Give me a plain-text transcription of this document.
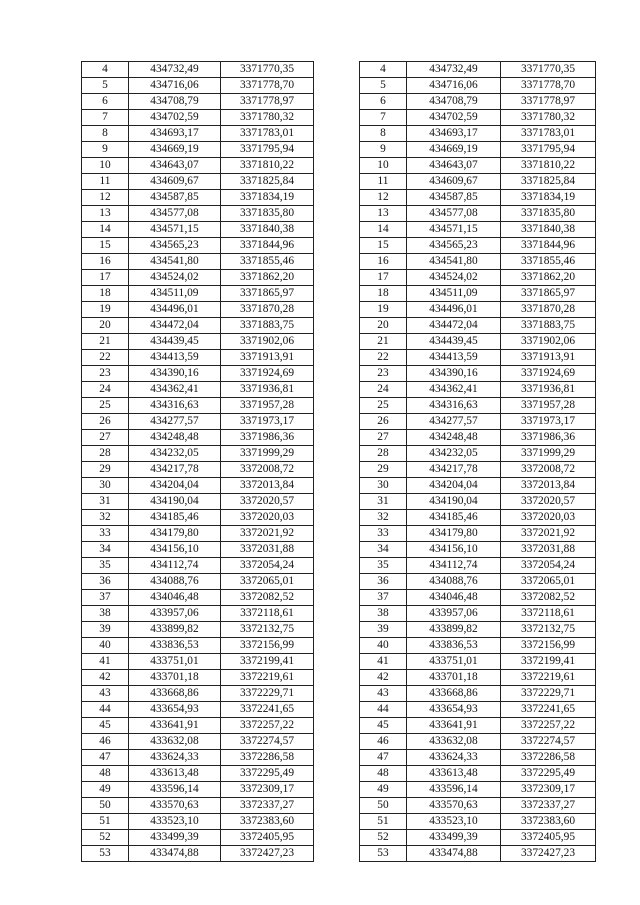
4	434732,49	3371770,35		4	434732,49	3371770,35
5	434716,06	3371778,70		5	434716,06	3371778,70
6	434708,79	3371778,97		6	434708,79	3371778,97
7	434702,59	3371780,32		7	434702,59	3371780,32
8	434693,17	3371783,01		8	434693,17	3371783,01
9	434669,19	3371795,94		9	434669,19	3371795,94
10	434643,07	3371810,22		10	434643,07	3371810,22
11	434609,67	3371825,84		11	434609,67	3371825,84
12	434587,85	3371834,19		12	434587,85	3371834,19
13	434577,08	3371835,80		13	434577,08	3371835,80
14	434571,15	3371840,38		14	434571,15	3371840,38
15	434565,23	3371844,96		15	434565,23	3371844,96
16	434541,80	3371855,46		16	434541,80	3371855,46
17	434524,02	3371862,20		17	434524,02	3371862,20
18	434511,09	3371865,97		18	434511,09	3371865,97
19	434496,01	3371870,28		19	434496,01	3371870,28
20	434472,04	3371883,75		20	434472,04	3371883,75
21	434439,45	3371902,06		21	434439,45	3371902,06
22	434413,59	3371913,91		22	434413,59	3371913,91
23	434390,16	3371924,69		23	434390,16	3371924,69
24	434362,41	3371936,81		24	434362,41	3371936,81
25	434316,63	3371957,28		25	434316,63	3371957,28
26	434277,57	3371973,17		26	434277,57	3371973,17
27	434248,48	3371986,36		27	434248,48	3371986,36
28	434232,05	3371999,29		28	434232,05	3371999,29
29	434217,78	3372008,72		29	434217,78	3372008,72
30	434204,04	3372013,84		30	434204,04	3372013,84
31	434190,04	3372020,57		31	434190,04	3372020,57
32	434185,46	3372020,03		32	434185,46	3372020,03
33	434179,80	3372021,92		33	434179,80	3372021,92
34	434156,10	3372031,88		34	434156,10	3372031,88
35	434112,74	3372054,24		35	434112,74	3372054,24
36	434088,76	3372065,01		36	434088,76	3372065,01
37	434046,48	3372082,52		37	434046,48	3372082,52
38	433957,06	3372118,61		38	433957,06	3372118,61
39	433899,82	3372132,75		39	433899,82	3372132,75
40	433836,53	3372156,99		40	433836,53	3372156,99
41	433751,01	3372199,41		41	433751,01	3372199,41
42	433701,18	3372219,61		42	433701,18	3372219,61
43	433668,86	3372229,71		43	433668,86	3372229,71
44	433654,93	3372241,65		44	433654,93	3372241,65
45	433641,91	3372257,22		45	433641,91	3372257,22
46	433632,08	3372274,57		46	433632,08	3372274,57
47	433624,33	3372286,58		47	433624,33	3372286,58
48	433613,48	3372295,49		48	433613,48	3372295,49
49	433596,14	3372309,17		49	433596,14	3372309,17
50	433570,63	3372337,27		50	433570,63	3372337,27
51	433523,10	3372383,60		51	433523,10	3372383,60
52	433499,39	3372405,95		52	433499,39	3372405,95
53	433474,88	3372427,23		53	433474,88	3372427,23
